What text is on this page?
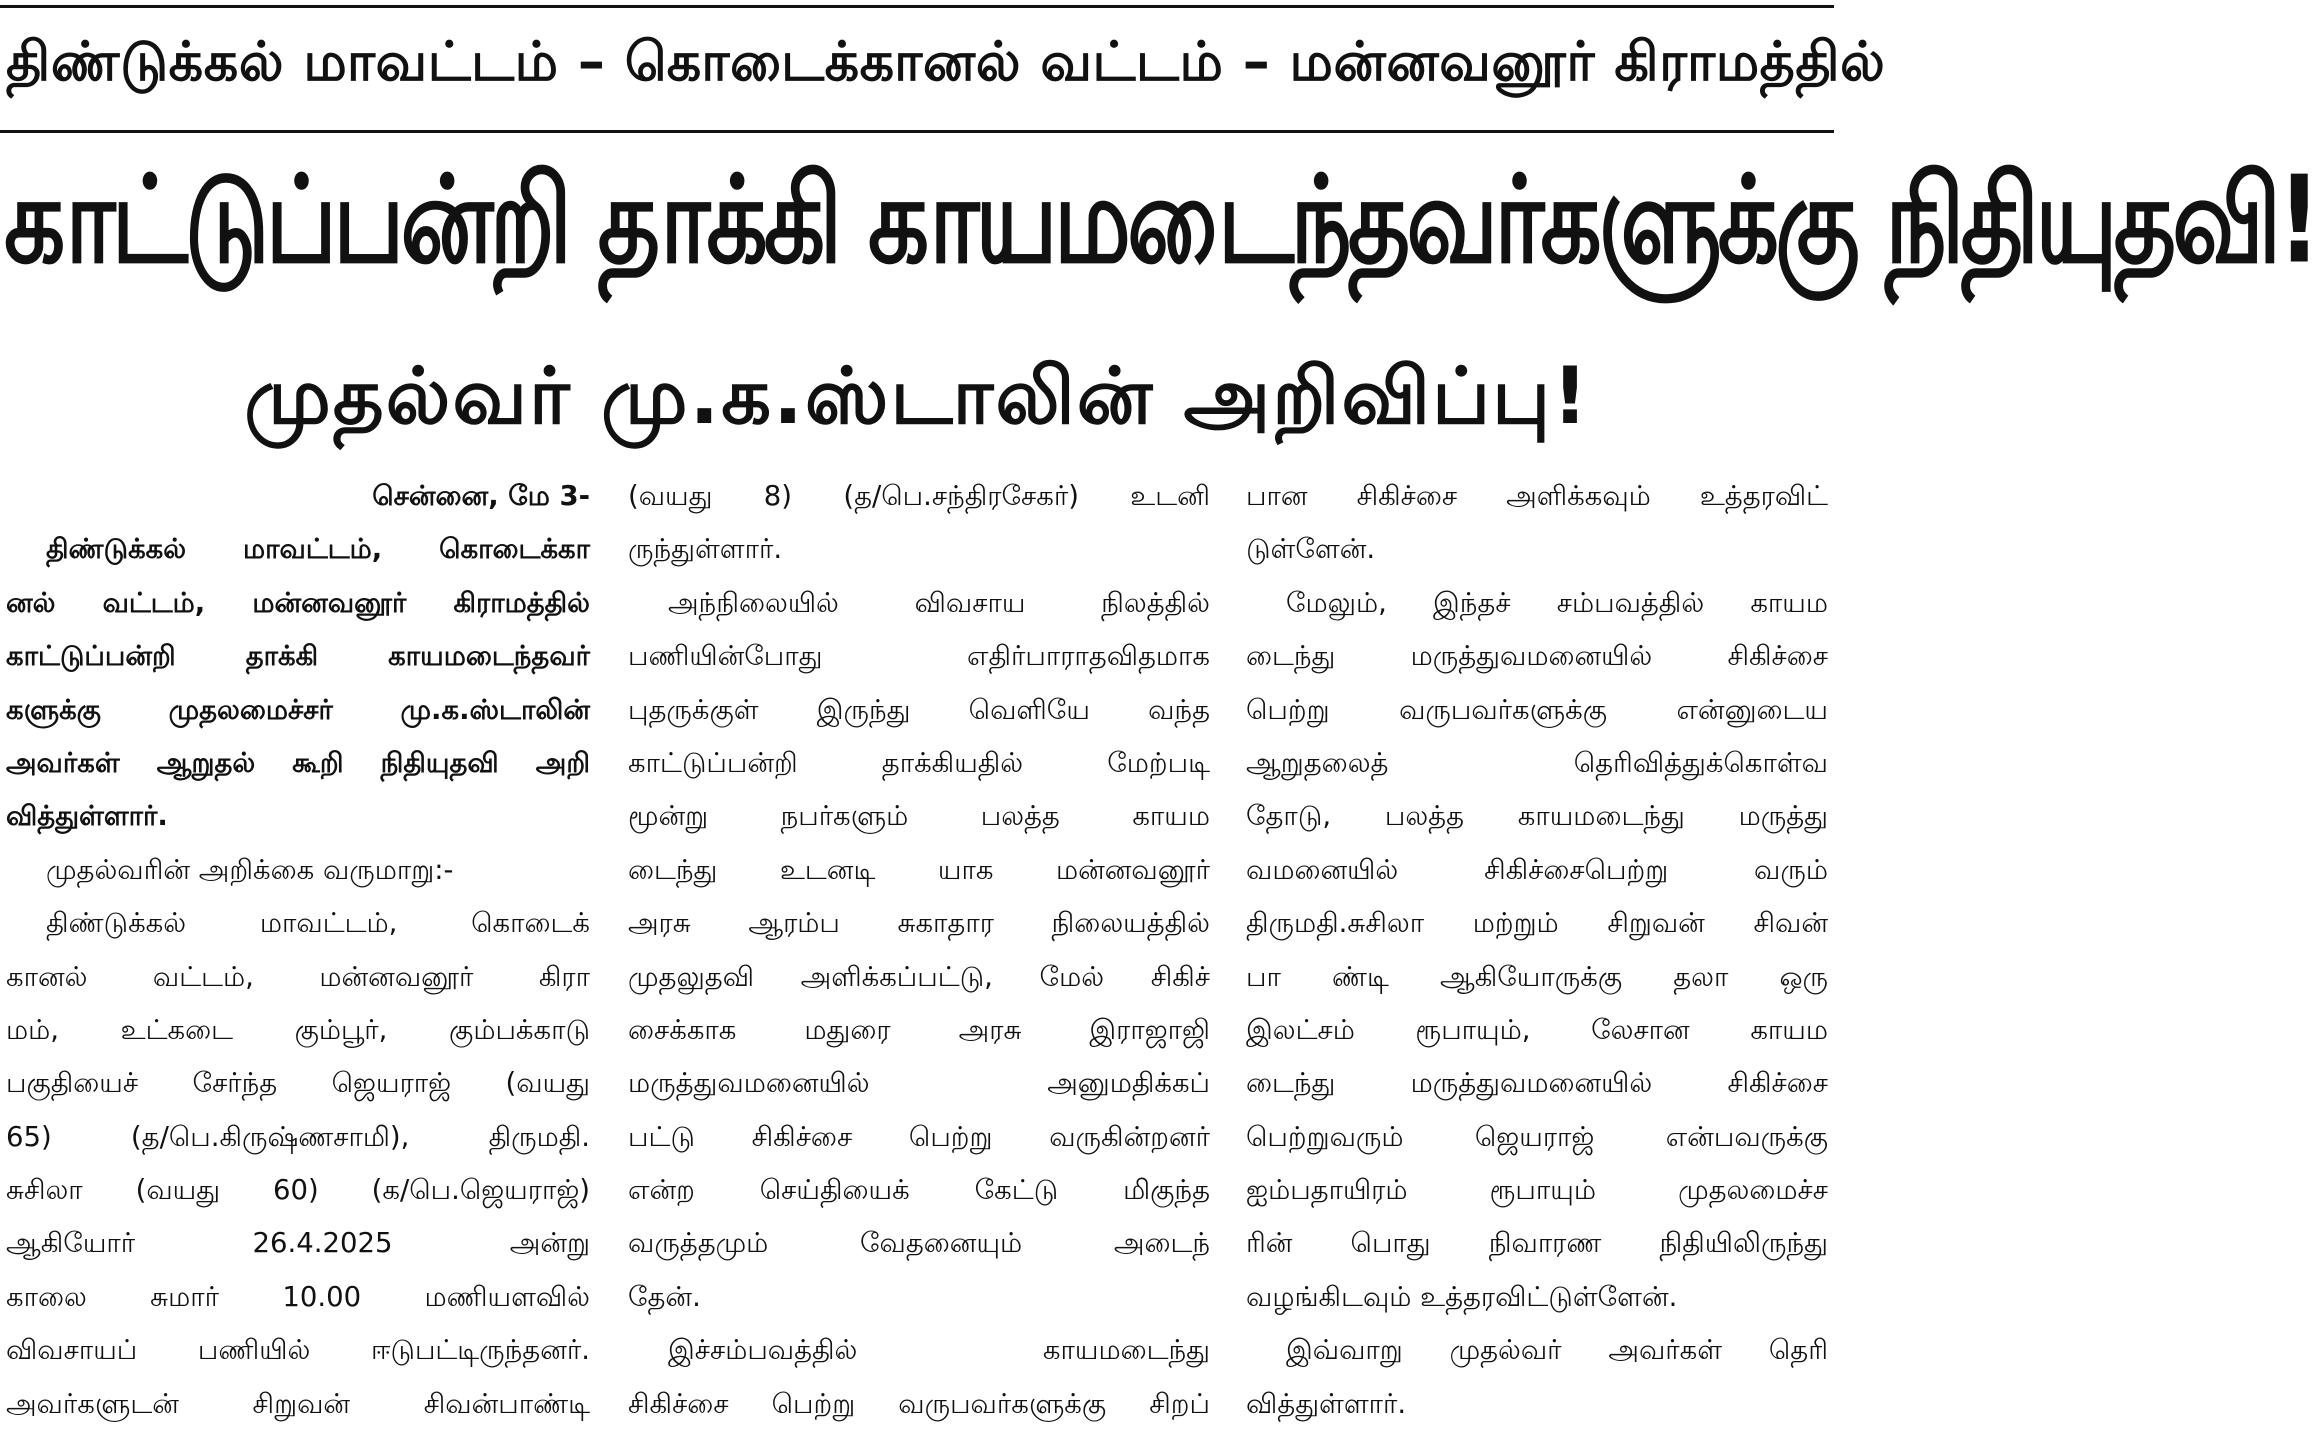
திண்டுக்கல் மாவட்டம் – கொடைக்கானல் வட்டம் – மன்னவனூர் கிராமத்தில்
காட்டுப்பன்றி தாக்கி காயமடைந்தவர்களுக்கு நிதியுதவி!
முதல்வர் மு.க.ஸ்டாலின் அறிவிப்பு!
சென்னை, மே 3-
திண்டுக்கல் மாவட்டம், கொடைக்கா
னல் வட்டம், மன்னவனூர் கிராமத்தில்
காட்டுப்பன்றி தாக்கி காயமடைந்தவர்
களுக்கு முதலமைச்சர் மு.க.ஸ்டாலின்
அவர்கள் ஆறுதல் கூறி நிதியுதவி அறி
வித்துள்ளார்.
முதல்வரின் அறிக்கை வருமாறு:-
திண்டுக்கல் மாவட்டம், கொடைக்
கானல் வட்டம், மன்னவனூர் கிரா
மம், உட்கடை கும்பூர், கும்பக்காடு
பகுதியைச் சேர்ந்த ஜெயராஜ் (வயது
65) (த/பெ.கிருஷ்ணசாமி), திருமதி.
சுசிலா (வயது 60) (க/பெ.ஜெயராஜ்)
ஆகியோர் 26.4.2025 அன்று
காலை சுமார் 10.00 மணியளவில்
விவசாயப் பணியில் ஈடுபட்டிருந்தனர்.
அவர்களுடன் சிறுவன் சிவன்பாண்டி
(வயது 8) (த/பெ.சந்திரசேகர்) உடனி
ருந்துள்ளார்.
அந்நிலையில் விவசாய நிலத்தில்
பணியின்போது எதிர்பாராதவிதமாக
புதருக்குள் இருந்து வெளியே வந்த
காட்டுப்பன்றி தாக்கியதில் மேற்படி
மூன்று நபர்களும் பலத்த காயம
டைந்து உடனடி யாக மன்னவனூர்
அரசு ஆரம்ப சுகாதார நிலையத்தில்
முதலுதவி அளிக்கப்பட்டு, மேல் சிகிச்
சைக்காக மதுரை அரசு இராஜாஜி
மருத்துவமனையில் அனுமதிக்கப்
பட்டு சிகிச்சை பெற்று வருகின்றனர்
என்ற செய்தியைக் கேட்டு மிகுந்த
வருத்தமும் வேதனையும் அடைந்
தேன்.
இச்சம்பவத்தில் காயமடைந்து
சிகிச்சை பெற்று வருபவர்களுக்கு சிறப்
பான சிகிச்சை அளிக்கவும் உத்தரவிட்
டுள்ளேன்.
மேலும், இந்தச் சம்பவத்தில் காயம
டைந்து மருத்துவமனையில் சிகிச்சை
பெற்று வருபவர்களுக்கு என்னுடைய
ஆறுதலைத் தெரிவித்துக்கொள்வ
தோடு, பலத்த காயமடைந்து மருத்து
வமனையில் சிகிச்சைபெற்று வரும்
திருமதி.சுசிலா மற்றும் சிறுவன் சிவன்
பா ண்டி ஆகியோருக்கு தலா ஒரு
இலட்சம் ரூபாயும், லேசான காயம
டைந்து மருத்துவமனையில் சிகிச்சை
பெற்றுவரும் ஜெயராஜ் என்பவருக்கு
ஐம்பதாயிரம் ரூபாயும் முதலமைச்ச
ரின் பொது நிவாரண நிதியிலிருந்து
வழங்கிடவும் உத்தரவிட்டுள்ளேன்.
இவ்வாறு முதல்வர் அவர்கள் தெரி
வித்துள்ளார்.
